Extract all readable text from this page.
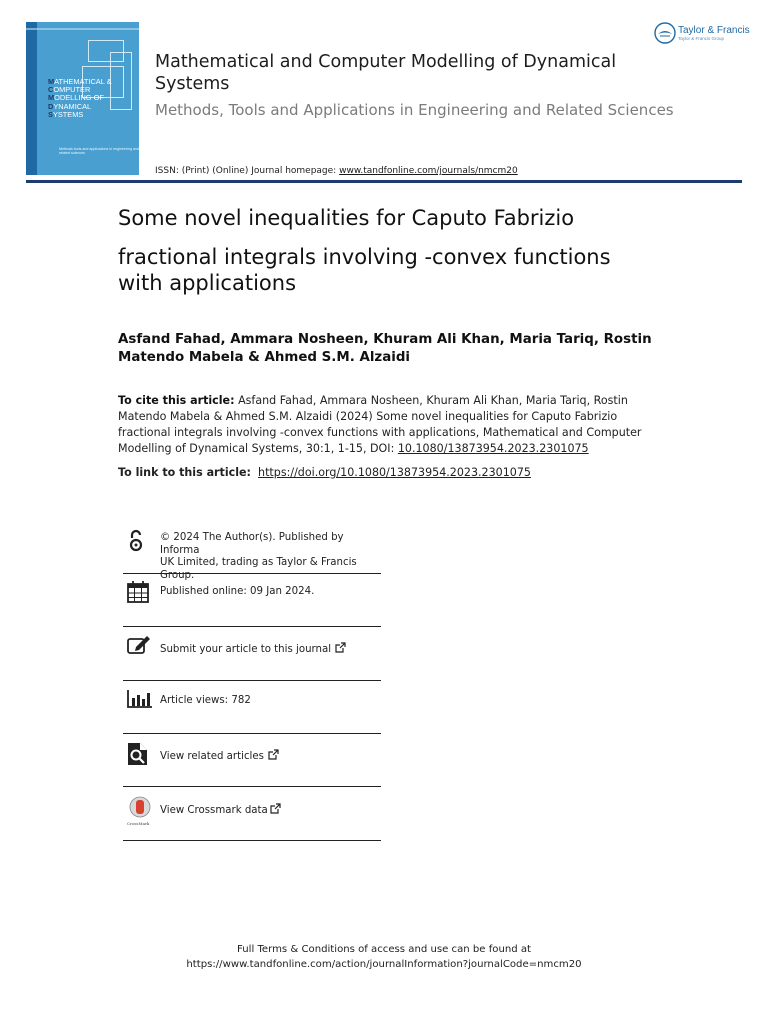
MATHEMATICAL &
COMPUTER
MODELLING OF
DYNAMICAL
SYSTEMS
Methods tools and applications in engineering and related sciences
Mathematical and Computer Modelling of Dynamical Systems
Methods, Tools and Applications in Engineering and Related Sciences
ISSN: (Print) (Online) Journal homepage: www.tandfonline.com/journals/nmcm20
Taylor & Francis
Taylor & Francis Group
Some novel inequalities for Caputo Fabrizio
fractional integrals involving -convex functions
with applications
Asfand Fahad, Ammara Nosheen, Khuram Ali Khan, Maria Tariq, Rostin
Matendo Mabela & Ahmed S.M. Alzaidi
To cite this article: Asfand Fahad, Ammara Nosheen, Khuram Ali Khan, Maria Tariq, Rostin
Matendo Mabela & Ahmed S.M. Alzaidi (2024) Some novel inequalities for Caputo Fabrizio
fractional integrals involving -convex functions with applications, Mathematical and Computer
Modelling of Dynamical Systems, 30:1, 1-15, DOI: 10.1080/13873954.2023.2301075
To link to this article: https://doi.org/10.1080/13873954.2023.2301075
© 2024 The Author(s). Published by Informa
UK Limited, trading as Taylor & Francis
Group.
Published online: 09 Jan 2024.
Submit your article to this journal
Article views: 782
View related articles
CrossMark
View Crossmark data
Full Terms & Conditions of access and use can be found at
https://www.tandfonline.com/action/journalInformation?journalCode=nmcm20
